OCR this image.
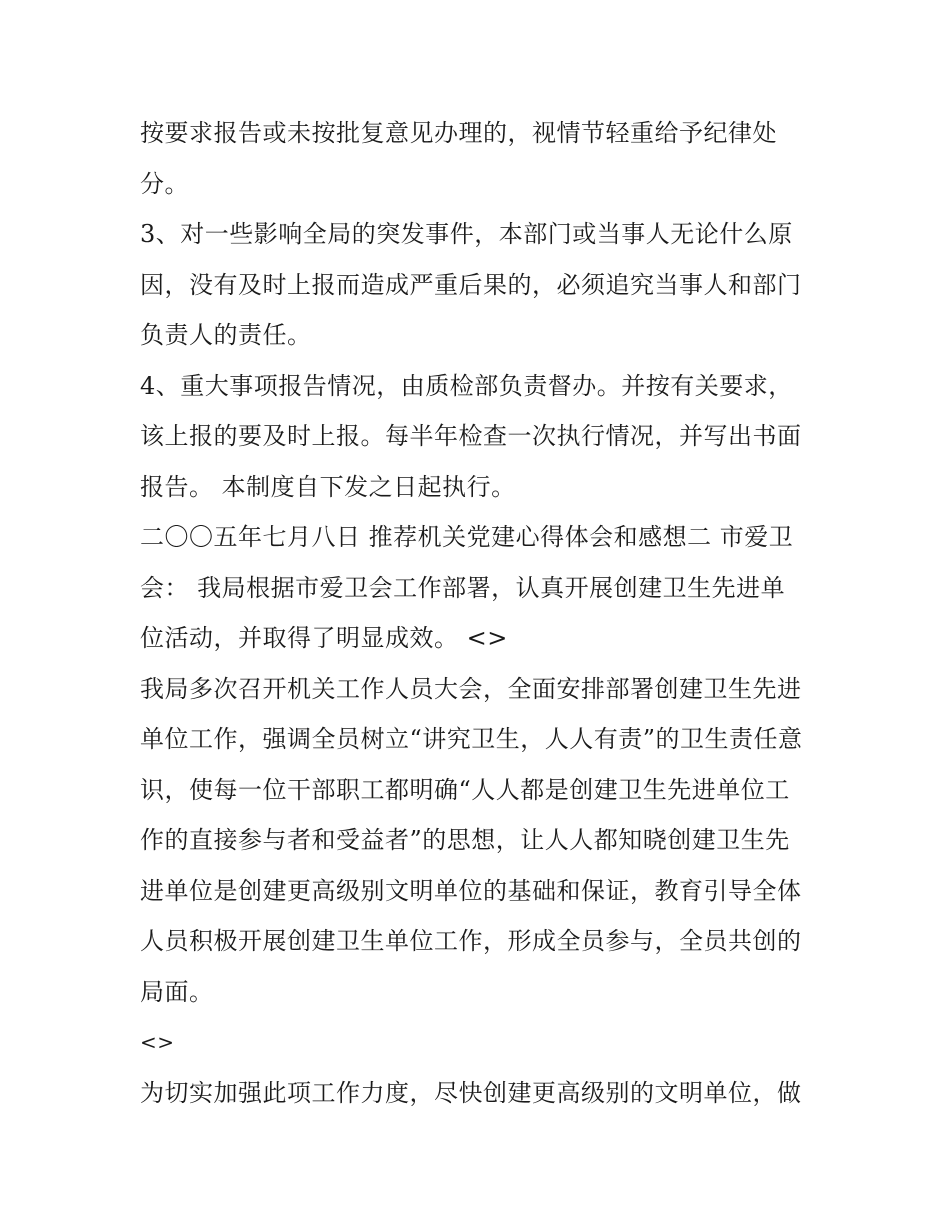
按要求报告或未按批复意见办理的，视情节轻重给予纪律处
分。
3、对一些影响全局的突发事件，本部门或当事人无论什么原
因，没有及时上报而造成严重后果的，必须追究当事人和部门
负责人的责任。
4、重大事项报告情况，由质检部负责督办。并按有关要求，
该上报的要及时上报。每半年检查一次执行情况，并写出书面
报告。 本制度自下发之日起执行。
二〇〇五年七月八日 推荐机关党建心得体会和感想二 市爱卫
会： 我局根据市爱卫会工作部署，认真开展创建卫生先进单
位活动，并取得了明显成效。 <>
我局多次召开机关工作人员大会，全面安排部署创建卫生先进
单位工作，强调全员树立“讲究卫生，人人有责”的卫生责任意
识，使每一位干部职工都明确“人人都是创建卫生先进单位工
作的直接参与者和受益者”的思想，让人人都知晓创建卫生先
进单位是创建更高级别文明单位的基础和保证，教育引导全体
人员积极开展创建卫生单位工作，形成全员参与，全员共创的
局面。
<>
为切实加强此项工作力度，尽快创建更高级别的文明单位，做
